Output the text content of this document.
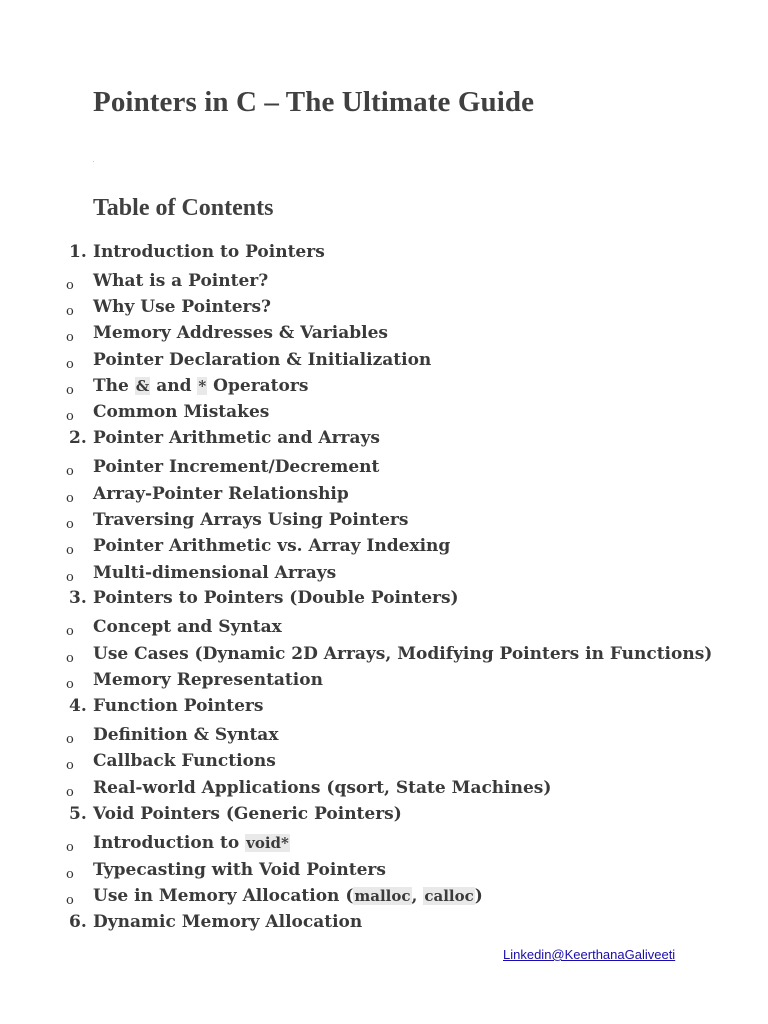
Pointers in C – The Ultimate Guide
Table of Contents
1. Introduction to Pointers
o What is a Pointer?
o Why Use Pointers?
o Memory Addresses & Variables
o Pointer Declaration & Initialization
o The & and * Operators
o Common Mistakes
2. Pointer Arithmetic and Arrays
o Pointer Increment/Decrement
o Array-Pointer Relationship
o Traversing Arrays Using Pointers
o Pointer Arithmetic vs. Array Indexing
o Multi-dimensional Arrays
3. Pointers to Pointers (Double Pointers)
o Concept and Syntax
o Use Cases (Dynamic 2D Arrays, Modifying Pointers in Functions)
o Memory Representation
4. Function Pointers
o Definition & Syntax
o Callback Functions
o Real-world Applications (qsort, State Machines)
5. Void Pointers (Generic Pointers)
o Introduction to void*
o Typecasting with Void Pointers
o Use in Memory Allocation (malloc, calloc)
6. Dynamic Memory Allocation
Linkedin@KeerthanaGaliveeti
